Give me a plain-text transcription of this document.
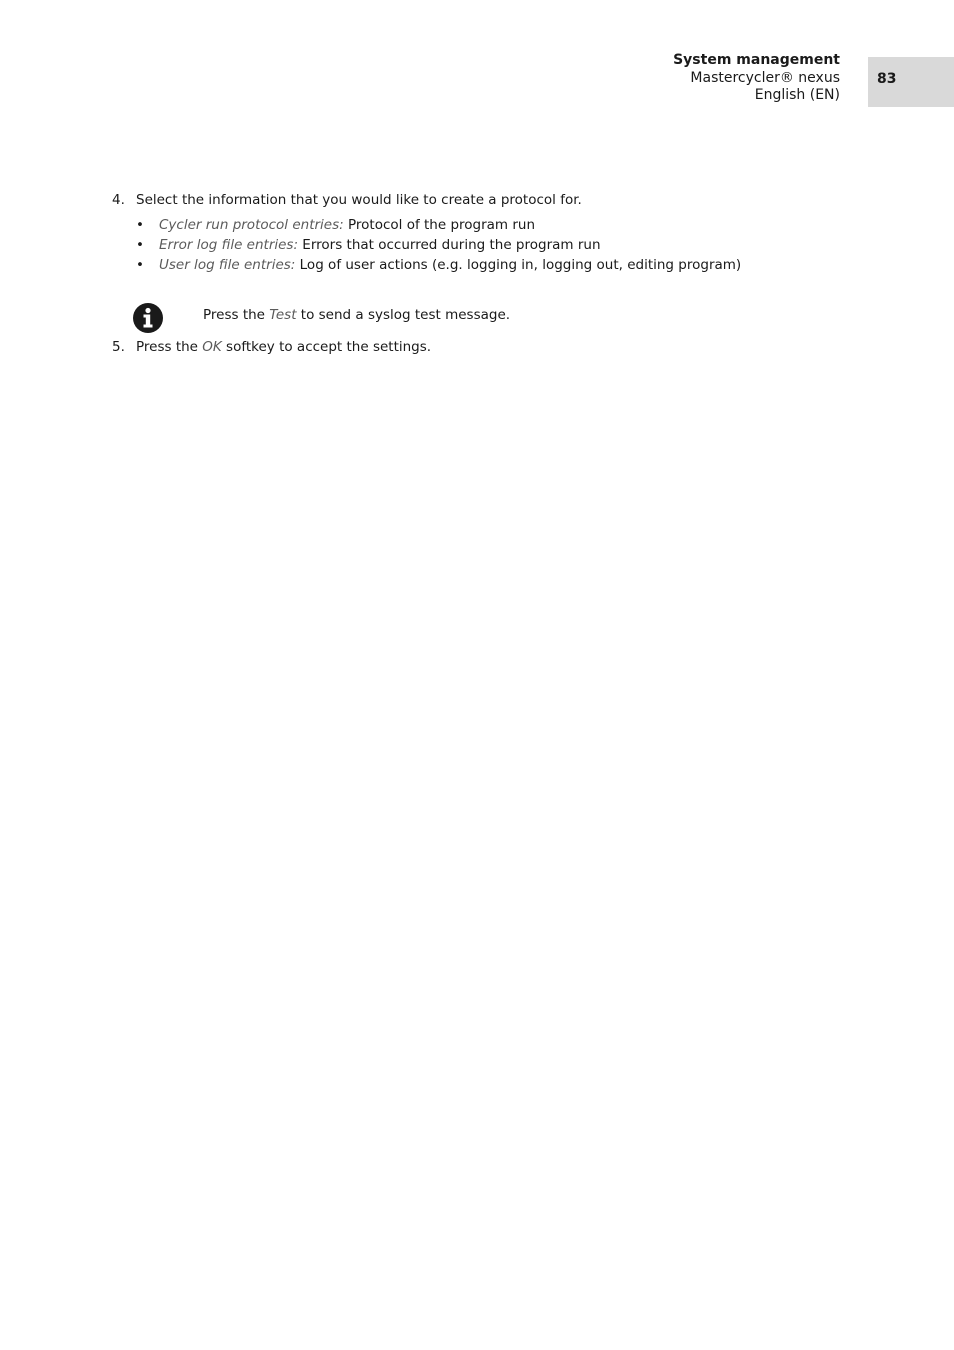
System management
Mastercycler® nexus
English (EN)
83
4. Select the information that you would like to create a protocol for.
• Cycler run protocol entries: Protocol of the program run
• Error log file entries: Errors that occurred during the program run
• User log file entries: Log of user actions (e.g. logging in, logging out, editing program)
Press the Test to send a syslog test message.
5. Press the OK softkey to accept the settings.
